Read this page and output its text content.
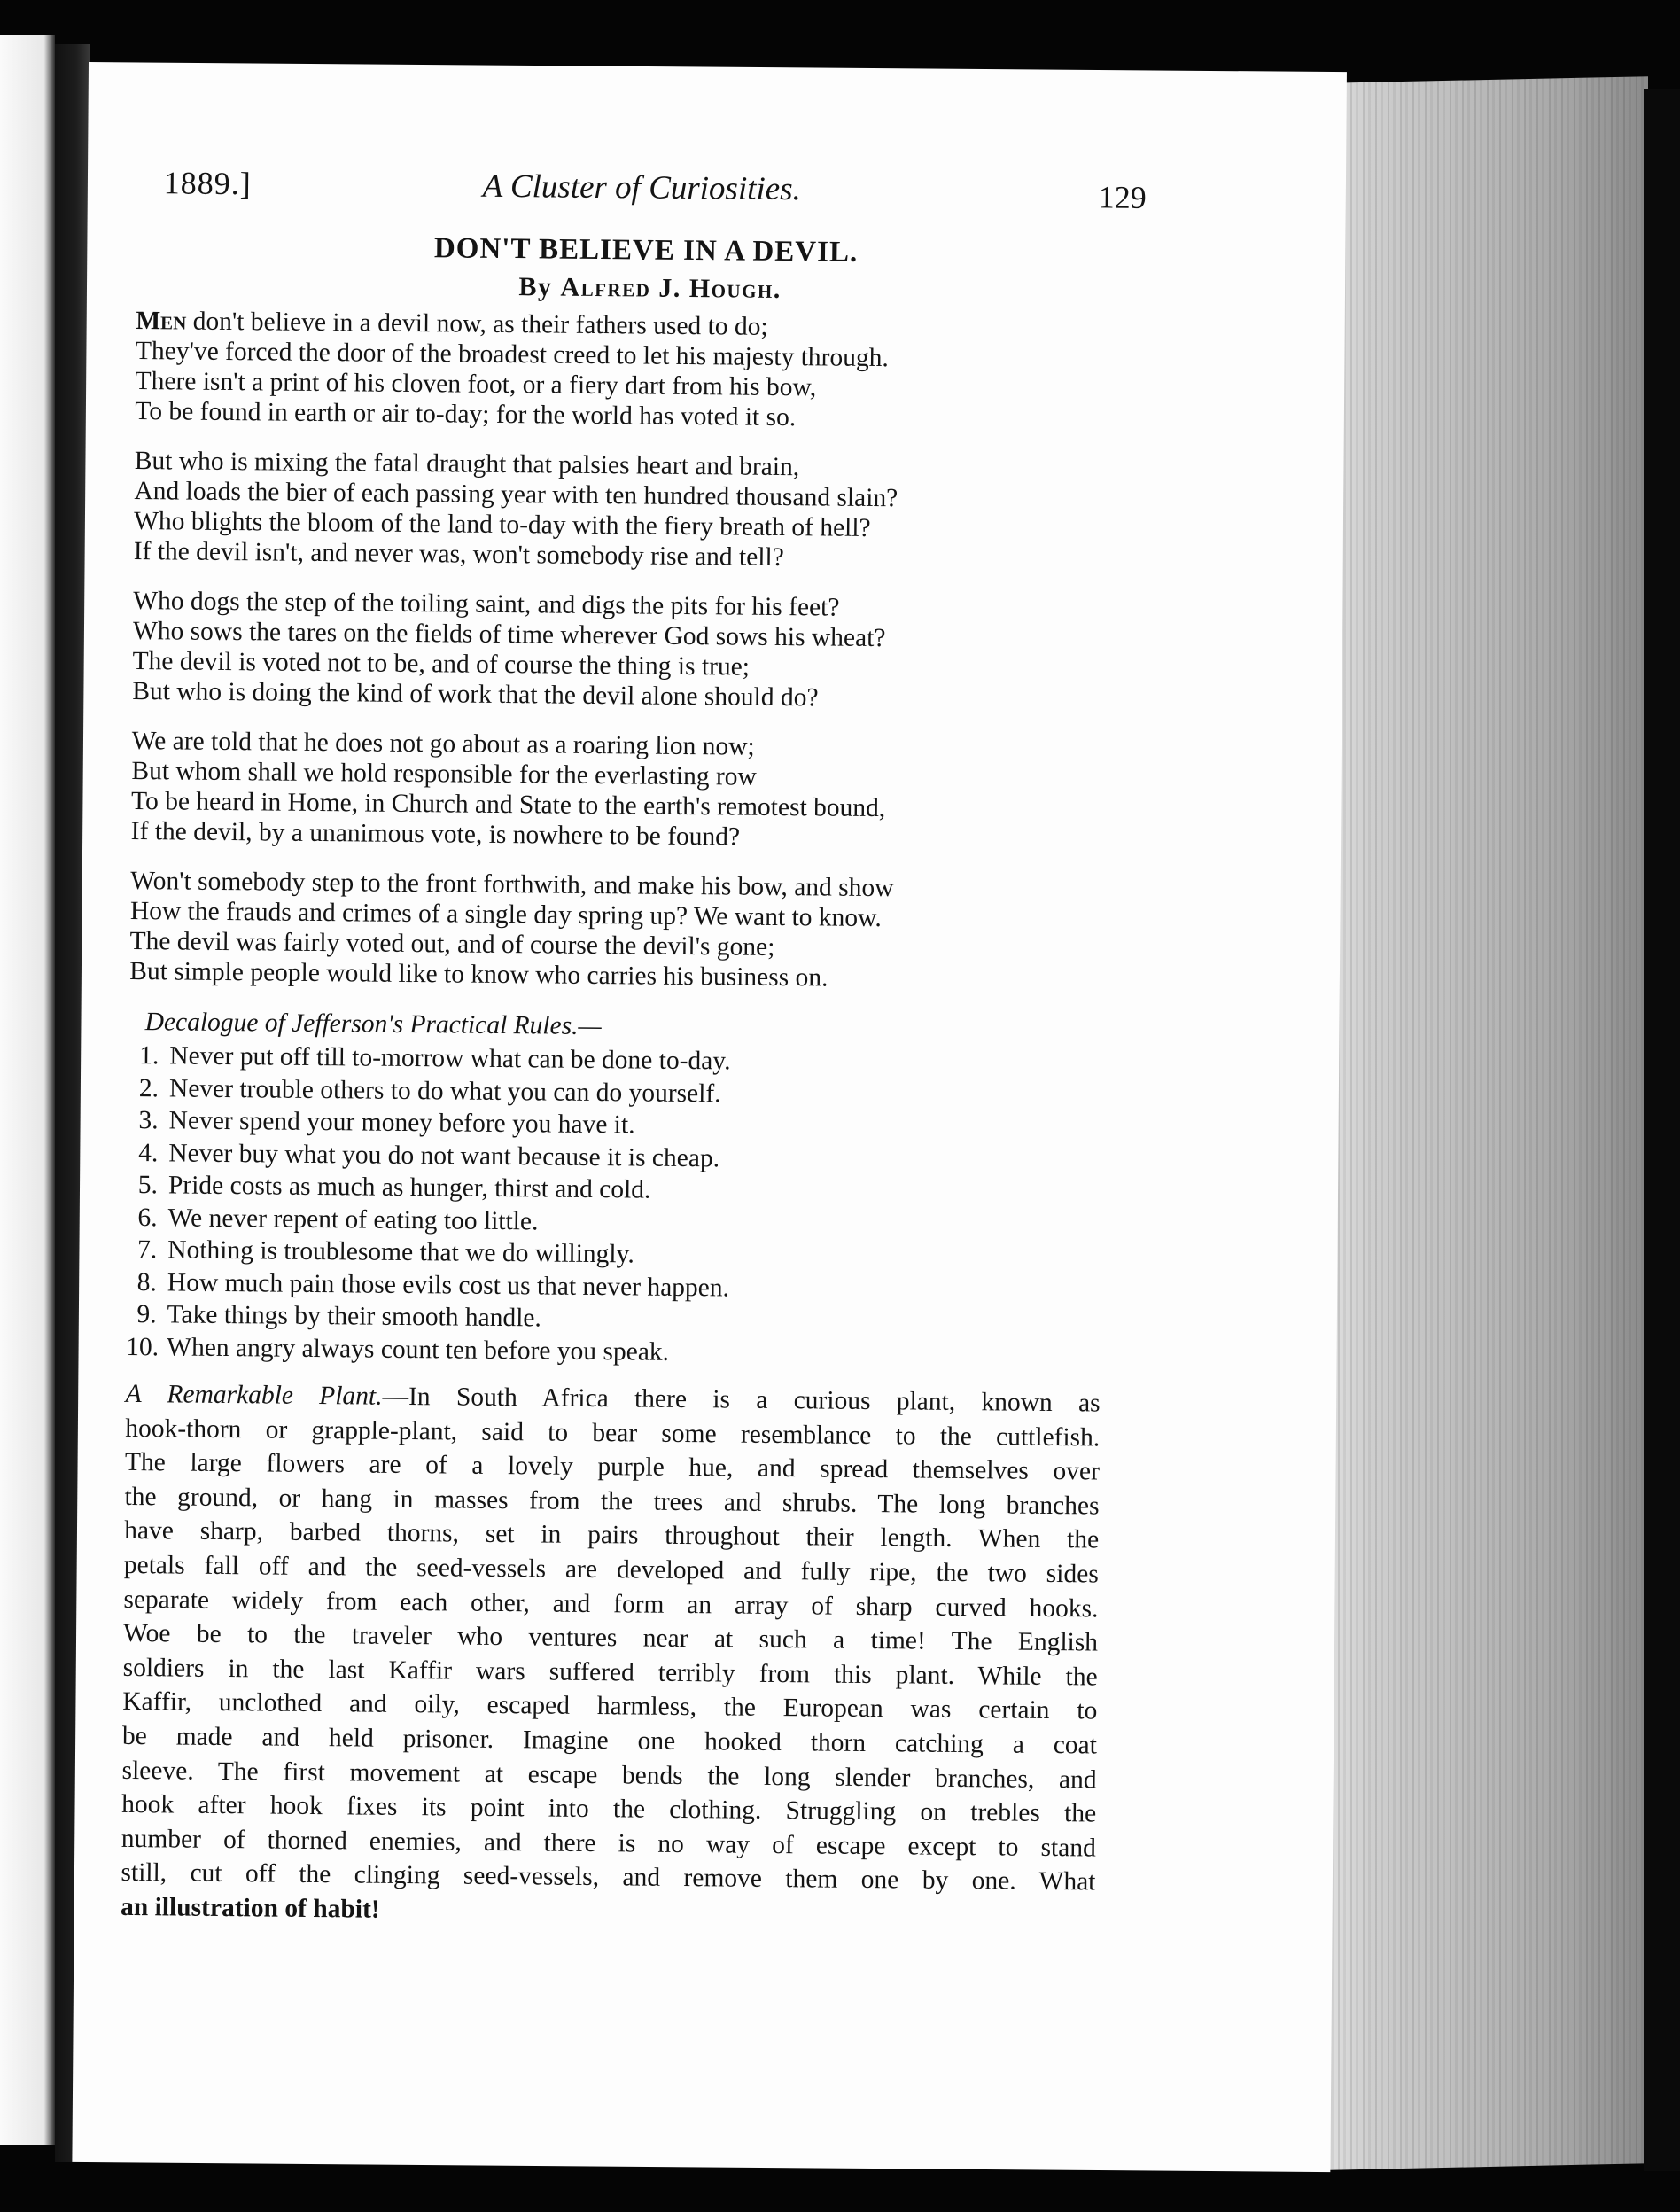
1889.]	A Cluster of Curiosities.	129
DON'T BELIEVE IN A DEVIL.
By Alfred J. Hough.
Men don't believe in a devil now, as their fathers used to do;
They've forced the door of the broadest creed to let his majesty through.
There isn't a print of his cloven foot, or a fiery dart from his bow,
To be found in earth or air to-day; for the world has voted it so.
But who is mixing the fatal draught that palsies heart and brain,
And loads the bier of each passing year with ten hundred thousand slain?
Who blights the bloom of the land to-day with the fiery breath of hell?
If the devil isn't, and never was, won't somebody rise and tell?
Who dogs the step of the toiling saint, and digs the pits for his feet?
Who sows the tares on the fields of time wherever God sows his wheat?
The devil is voted not to be, and of course the thing is true;
But who is doing the kind of work that the devil alone should do?
We are told that he does not go about as a roaring lion now;
But whom shall we hold responsible for the everlasting row
To be heard in Home, in Church and State to the earth's remotest bound,
If the devil, by a unanimous vote, is nowhere to be found?
Won't somebody step to the front forthwith, and make his bow, and show
How the frauds and crimes of a single day spring up? We want to know.
The devil was fairly voted out, and of course the devil's gone;
But simple people would like to know who carries his business on.
Decalogue of Jefferson's Practical Rules.—
1. Never put off till to-morrow what can be done to-day.
2. Never trouble others to do what you can do yourself.
3. Never spend your money before you have it.
4. Never buy what you do not want because it is cheap.
5. Pride costs as much as hunger, thirst and cold.
6. We never repent of eating too little.
7. Nothing is troublesome that we do willingly.
8. How much pain those evils cost us that never happen.
9. Take things by their smooth handle.
10. When angry always count ten before you speak.
A Remarkable Plant.—In South Africa there is a curious plant, known as
hook-thorn or grapple-plant, said to bear some resemblance to the cuttlefish.
The large flowers are of a lovely purple hue, and spread themselves over
the ground, or hang in masses from the trees and shrubs. The long branches
have sharp, barbed thorns, set in pairs throughout their length. When the
petals fall off and the seed-vessels are developed and fully ripe, the two sides
separate widely from each other, and form an array of sharp curved hooks.
Woe be to the traveler who ventures near at such a time! The English
soldiers in the last Kaffir wars suffered terribly from this plant. While the
Kaffir, unclothed and oily, escaped harmless, the European was certain to
be made and held prisoner. Imagine one hooked thorn catching a coat
sleeve. The first movement at escape bends the long slender branches, and
hook after hook fixes its point into the clothing. Struggling on trebles the
number of thorned enemies, and there is no way of escape except to stand
still, cut off the clinging seed-vessels, and remove them one by one. What
an illustration of habit!
